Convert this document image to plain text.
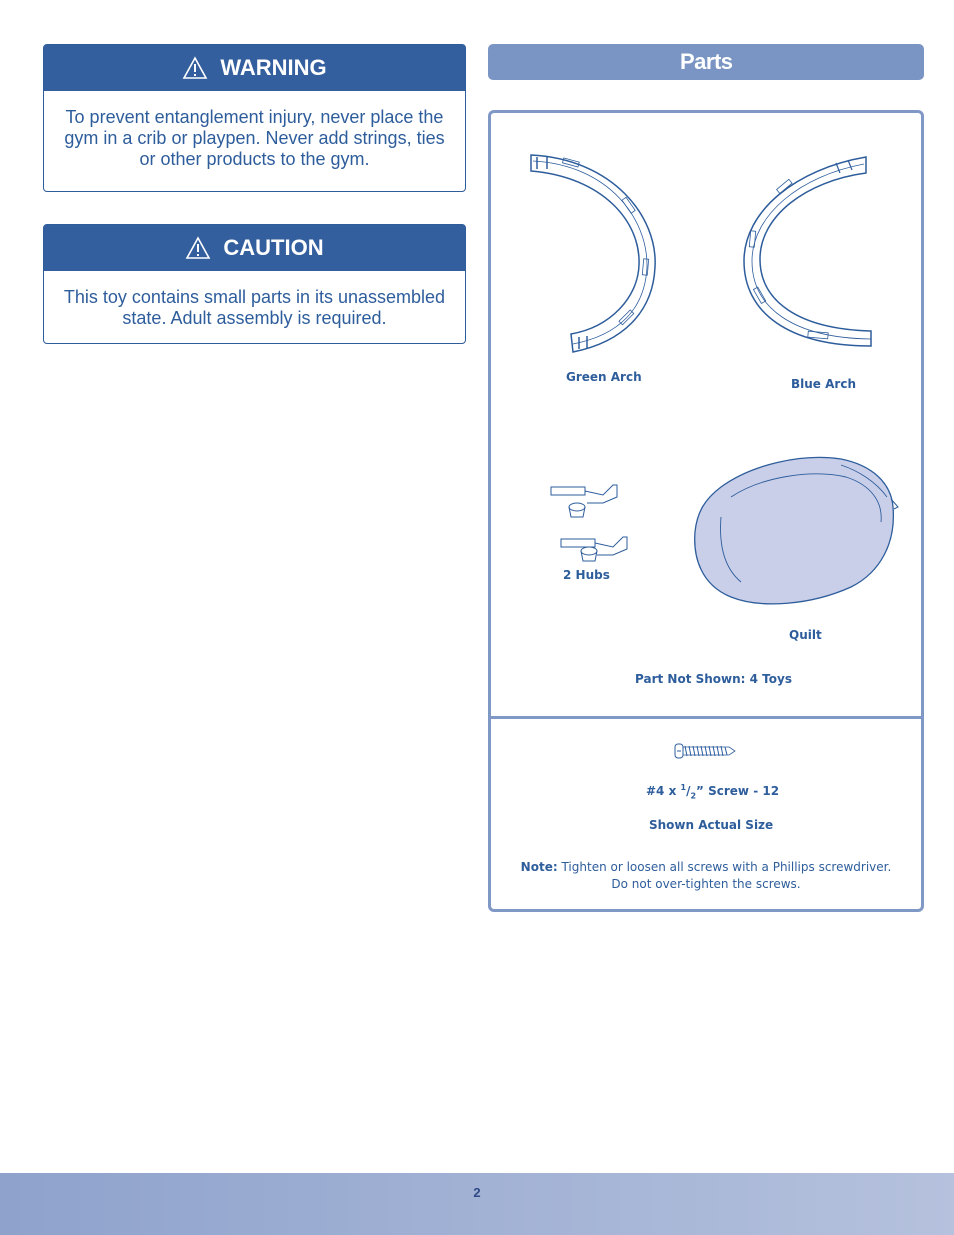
WARNING
To prevent entanglement injury, never place the gym in a crib or playpen. Never add strings, ties or other products to the gym.
CAUTION
This toy contains small parts in its unassembled state. Adult assembly is required.
Parts
Green Arch	Blue Arch
2 Hubs
Quilt
Part Not Shown: 4 Toys
#4 x $^1/_2$” Screw - 12
Shown Actual Size
Note: Tighten or loosen all screws with a Phillips screwdriver.
Do not over-tighten the screws.
2
